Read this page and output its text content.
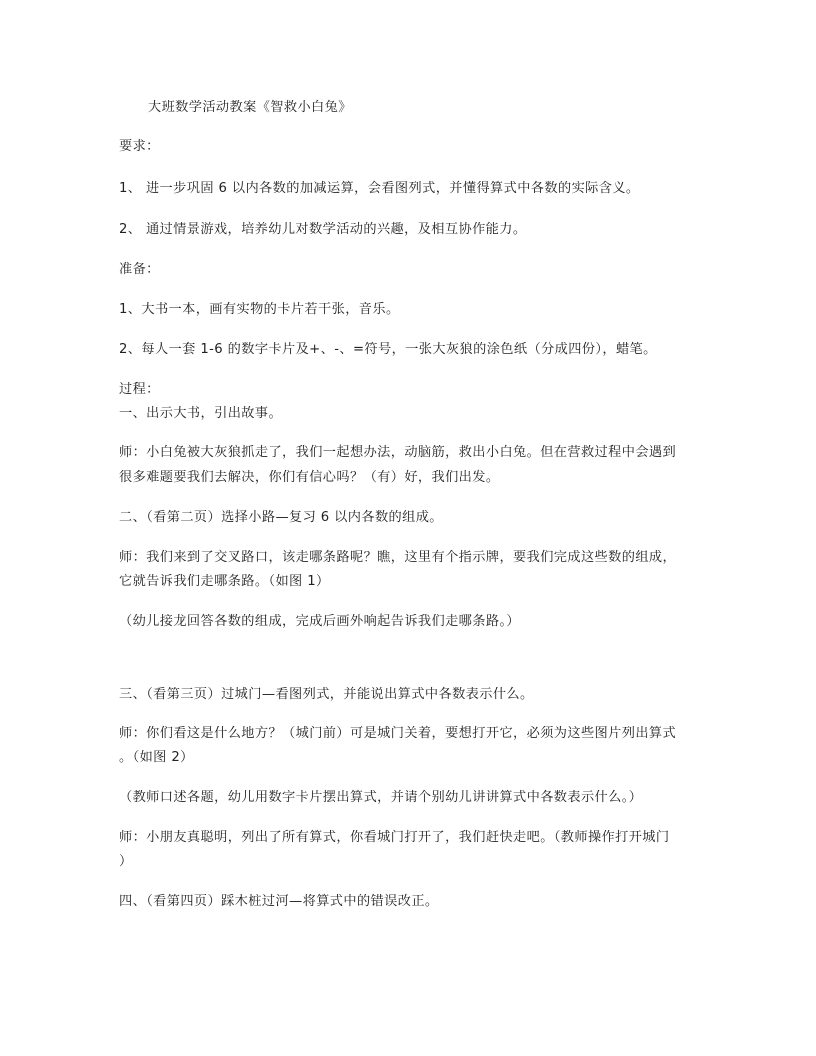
大班数学活动教案《智救小白兔》
要求：
1、 进一步巩固 6 以内各数的加减运算，会看图列式，并懂得算式中各数的实际含义。
2、 通过情景游戏，培养幼儿对数学活动的兴趣，及相互协作能力。
准备：
1、大书一本，画有实物的卡片若干张，音乐。
2、每人一套 1-6 的数字卡片及+、-、=符号，一张大灰狼的涂色纸（分成四份），蜡笔。
过程：
一、出示大书，引出故事。
师：小白兔被大灰狼抓走了，我们一起想办法，动脑筋，救出小白兔。但在营救过程中会遇到
很多难题要我们去解决，你们有信心吗？（有）好，我们出发。
二、（看第二页）选择小路—复习 6 以内各数的组成。
师：我们来到了交叉路口，该走哪条路呢？瞧，这里有个指示牌，要我们完成这些数的组成，
它就告诉我们走哪条路。（如图 1）
（幼儿接龙回答各数的组成，完成后画外响起告诉我们走哪条路。）
三、（看第三页）过城门—看图列式，并能说出算式中各数表示什么。
师：你们看这是什么地方？（城门前）可是城门关着，要想打开它，必须为这些图片列出算式
。（如图 2）
（教师口述各题，幼儿用数字卡片摆出算式，并请个别幼儿讲讲算式中各数表示什么。）
师：小朋友真聪明，列出了所有算式，你看城门打开了，我们赶快走吧。（教师操作打开城门
）
四、（看第四页）踩木桩过河—将算式中的错误改正。
